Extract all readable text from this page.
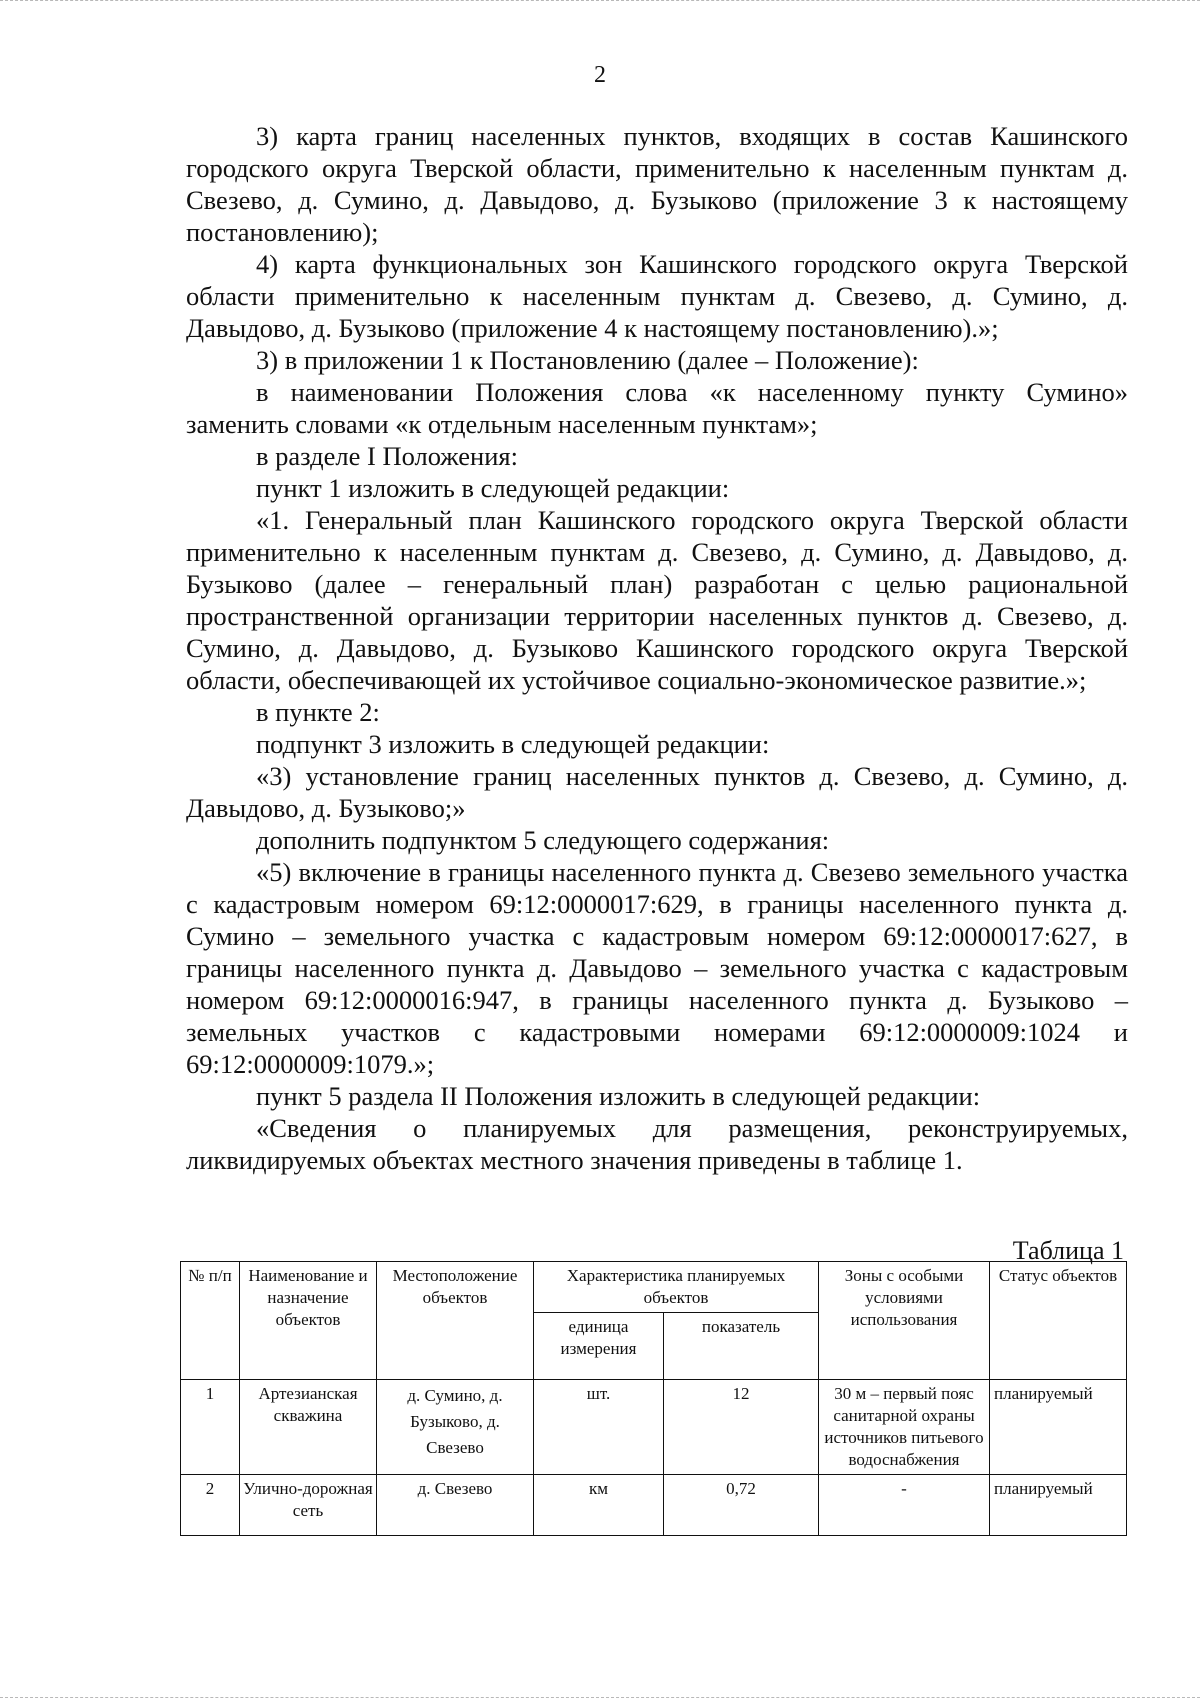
2

3) карта границ населенных пунктов, входящих в состав Кашинского городского округа Тверской области, применительно к населенным пунктам д. Свезево, д. Сумино, д. Давыдово, д. Бузыково (приложение 3 к настоящему постановлению);

4) карта функциональных зон Кашинского городского округа Тверской области применительно к населенным пунктам д. Свезево, д. Сумино, д. Давыдово, д. Бузыково (приложение 4 к настоящему постановлению).»;

3) в приложении 1 к Постановлению (далее – Положение):

в наименовании Положения слова «к населенному пункту Сумино» заменить словами «к отдельным населенным пунктам»;

в разделе I Положения:

пункт 1 изложить в следующей редакции:

«1. Генеральный план Кашинского городского округа Тверской области применительно к населенным пунктам д. Свезево, д. Сумино, д. Давыдово, д. Бузыково (далее – генеральный план) разработан с целью рациональной пространственной организации территории населенных пунктов д. Свезево, д. Сумино, д. Давыдово, д. Бузыково Кашинского городского округа Тверской области, обеспечивающей их устойчивое социально-экономическое развитие.»;

в пункте 2:

подпункт 3 изложить в следующей редакции:

«3) установление границ населенных пунктов д. Свезево, д. Сумино, д. Давыдово, д. Бузыково;»

дополнить подпунктом 5 следующего содержания:

«5) включение в границы населенного пункта д. Свезево земельного участка с кадастровым номером 69:12:0000017:629, в границы населенного пункта д. Сумино – земельного участка с кадастровым номером 69:12:0000017:627, в границы населенного пункта д. Давыдово – земельного участка с кадастровым номером 69:12:0000016:947, в границы населенного пункта д. Бузыково – земельных участков с кадастровыми номерами 69:12:0000009:1024 и 69:12:0000009:1079.»;

пункт 5 раздела II Положения изложить в следующей редакции:

«Сведения о планируемых для размещения, реконструируемых, ликвидируемых объектах местного значения приведены в таблице 1.

Таблица 1
№ п/п	Наименование и назначение объектов	Местоположение объектов	Характеристика планируемых объектов		Зоны с особыми условиями использования	Статус объектов
			единица измерения	показатель		
1	Артезианская скважина	д. Сумино, д. Бузыково, д. Свезево	шт.	12	30 м – первый пояс санитарной охраны источников питьевого водоснабжения	планируемый
2	Улично-дорожная сеть	д. Свезево	км	0,72	-	планируемый
